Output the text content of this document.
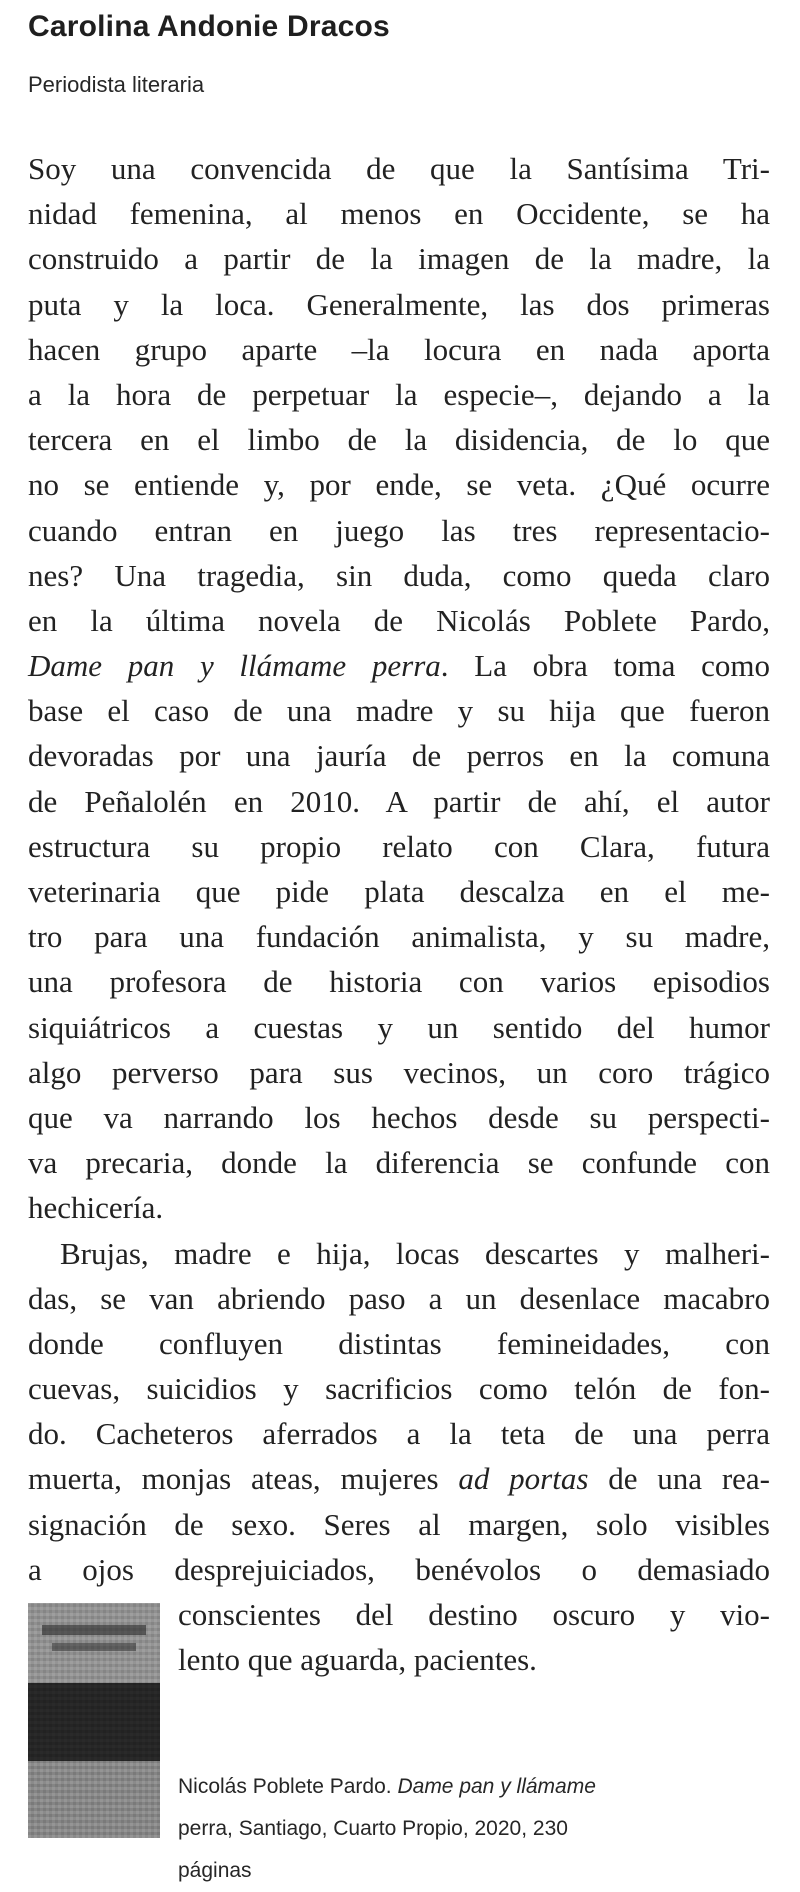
Carolina Andonie Dracos

Periodista literaria

Soy una convencida de que la Santísima Tri-
nidad femenina, al menos en Occidente, se ha
construido a partir de la imagen de la madre, la
puta y la loca. Generalmente, las dos primeras
hacen grupo aparte –la locura en nada aporta
a la hora de perpetuar la especie–, dejando a la
tercera en el limbo de la disidencia, de lo que
no se entiende y, por ende, se veta. ¿Qué ocurre
cuando entran en juego las tres representacio-
nes? Una tragedia, sin duda, como queda claro
en la última novela de Nicolás Poblete Pardo,
Dame pan y llámame perra. La obra toma como
base el caso de una madre y su hija que fueron
devoradas por una jauría de perros en la comuna
de Peñalolén en 2010. A partir de ahí, el autor
estructura su propio relato con Clara, futura
veterinaria que pide plata descalza en el me-
tro para una fundación animalista, y su madre,
una profesora de historia con varios episodios
siquiátricos a cuestas y un sentido del humor
algo perverso para sus vecinos, un coro trágico
que va narrando los hechos desde su perspecti-
va precaria, donde la diferencia se confunde con
hechicería.
Brujas, madre e hija, locas descartes y malheri-
das, se van abriendo paso a un desenlace macabro
donde confluyen distintas femineidades, con
cuevas, suicidios y sacrificios como telón de fon-
do. Cacheteros aferrados a la teta de una perra
muerta, monjas ateas, mujeres ad portas de una rea-
signación de sexo. Seres al margen, solo visibles
a ojos desprejuiciados, benévolos o demasiado
conscientes del destino oscuro y vio-
lento que aguarda, pacientes.
Nicolás Poblete Pardo. Dame pan y llámame
perra, Santiago, Cuarto Propio, 2020, 230
páginas
